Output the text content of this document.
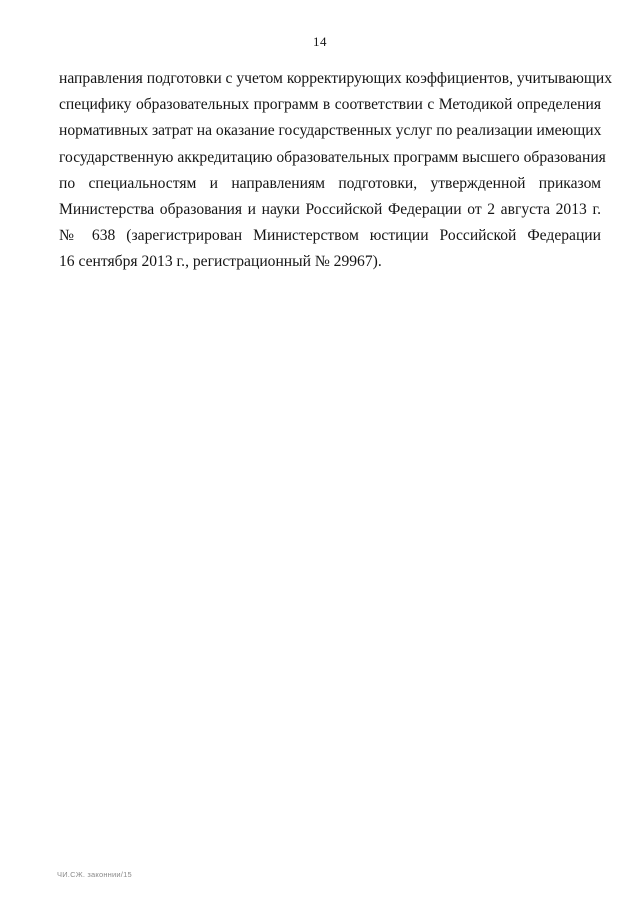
14
направления подготовки с учетом корректирующих коэффициентов, учитывающих
специфику образовательных программ в соответствии с Методикой определения
нормативных затрат на оказание государственных услуг по реализации имеющих
государственную аккредитацию образовательных программ высшего образования
по специальностям и направлениям подготовки, утвержденной приказом
Министерства образования и науки Российской Федерации от 2 августа 2013 г.
№ 638 (зарегистрирован Министерством юстиции Российской Федерации
16 сентября 2013 г., регистрационный № 29967).
ЧИ.СЖ. законнии/15
